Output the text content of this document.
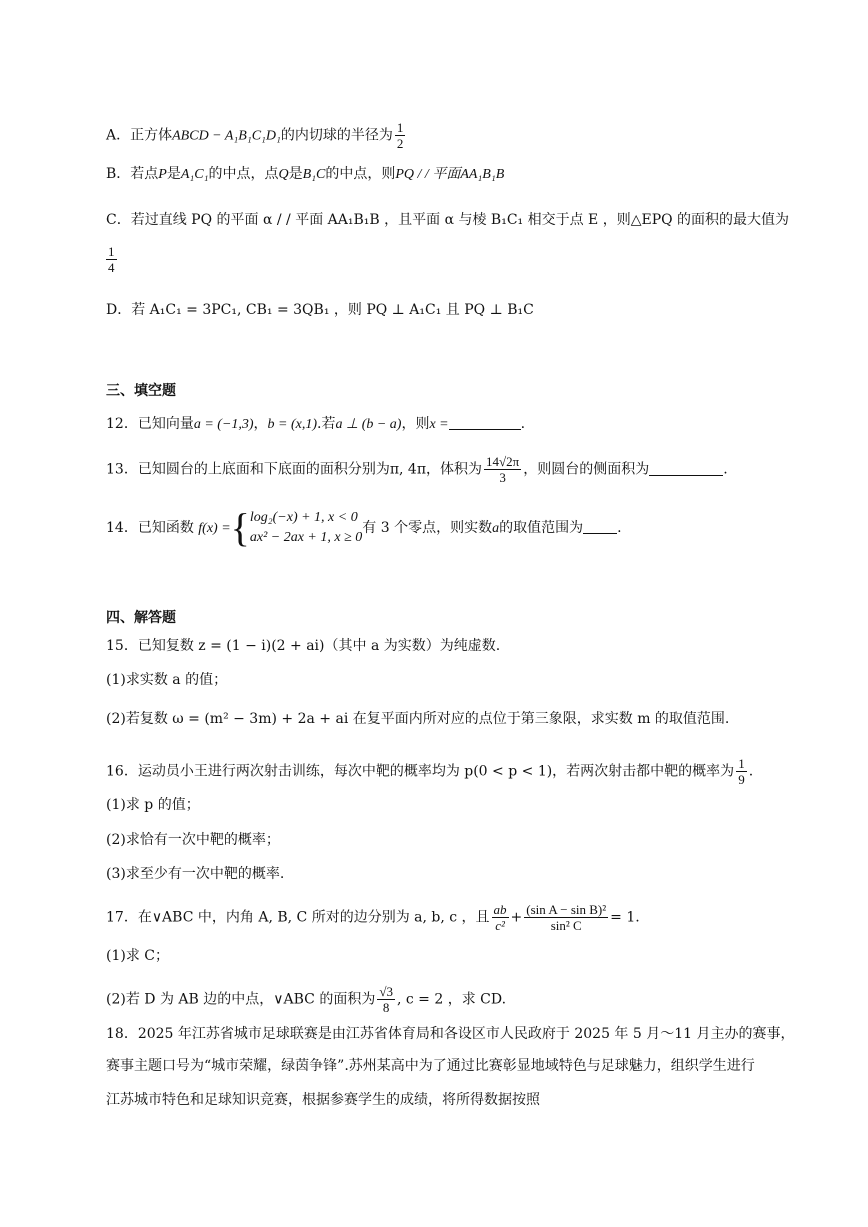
A．正方体ABCD − A₁B₁C₁D₁的内切球的半径为 $\frac{1}{2}$
B．若点P是A₁C₁的中点，点Q是B₁C的中点，则PQ / / 平面AA₁B₁B
C．若过直线 PQ 的平面 α / / 平面 AA₁B₁B ，且平面 α 与棱 B₁C₁ 相交于点 E ，则△EPQ 的面积的最大值为
$\frac{1}{4}$
D．若 A₁C₁ = 3PC₁, CB₁ = 3QB₁ ，则 PQ ⊥ A₁C₁ 且 PQ ⊥ B₁C
三、填空题
12．已知向量a = (−1,3)，b = (x,1).若a ⊥ (b − a)，则x =	.
13．已知圆台的上底面和下底面的面积分别为π, 4π，体积为 $\frac{14√2\pi}{3}$ ，则圆台的侧面积为	.
14．已知函数 f(x) ={ log₂(−x) + 1, x < 0
ax² − 2ax + 1, x ≥ 0
有 3 个零点，则实数a的取值范围为 .
四、解答题
15．已知复数 z = (1 − i)(2 + ai)（其中 a 为实数）为纯虚数.
(1)求实数 a 的值；
(2)若复数 ω = (m² − 3m) + 2a + ai 在复平面内所对应的点位于第三象限，求实数 m 的取值范围.
16．运动员小王进行两次射击训练，每次中靶的概率均为 p(0 < p < 1)，若两次射击都中靶的概率为 $\frac{1}{9}$ .
(1)求 p 的值；
(2)求恰有一次中靶的概率；
(3)求至少有一次中靶的概率.
17．在∨ABC 中，内角 A, B, C 所对的边分别为 a, b, c ，且 $\frac{ab}{\text{c²}} + \frac{\text{(sin A − sin B)²}}{\text{sin² C}} = 1$.
(1)求 C；
(2)若 D 为 AB 边的中点，∨ABC 的面积为 $\frac{√3}{8}$ , c = 2 ，求 CD.
18．2025 年江苏省城市足球联赛是由江苏省体育局和各设区市人民政府于 2025 年 5 月～11 月主办的赛事，
赛事主题口号为“城市荣耀，绿茵争锋”.苏州某高中为了通过比赛彰显地域特色与足球魅力，组织学生进行
江苏城市特色和足球知识竞赛，根据参赛学生的成绩，将所得数据按照
